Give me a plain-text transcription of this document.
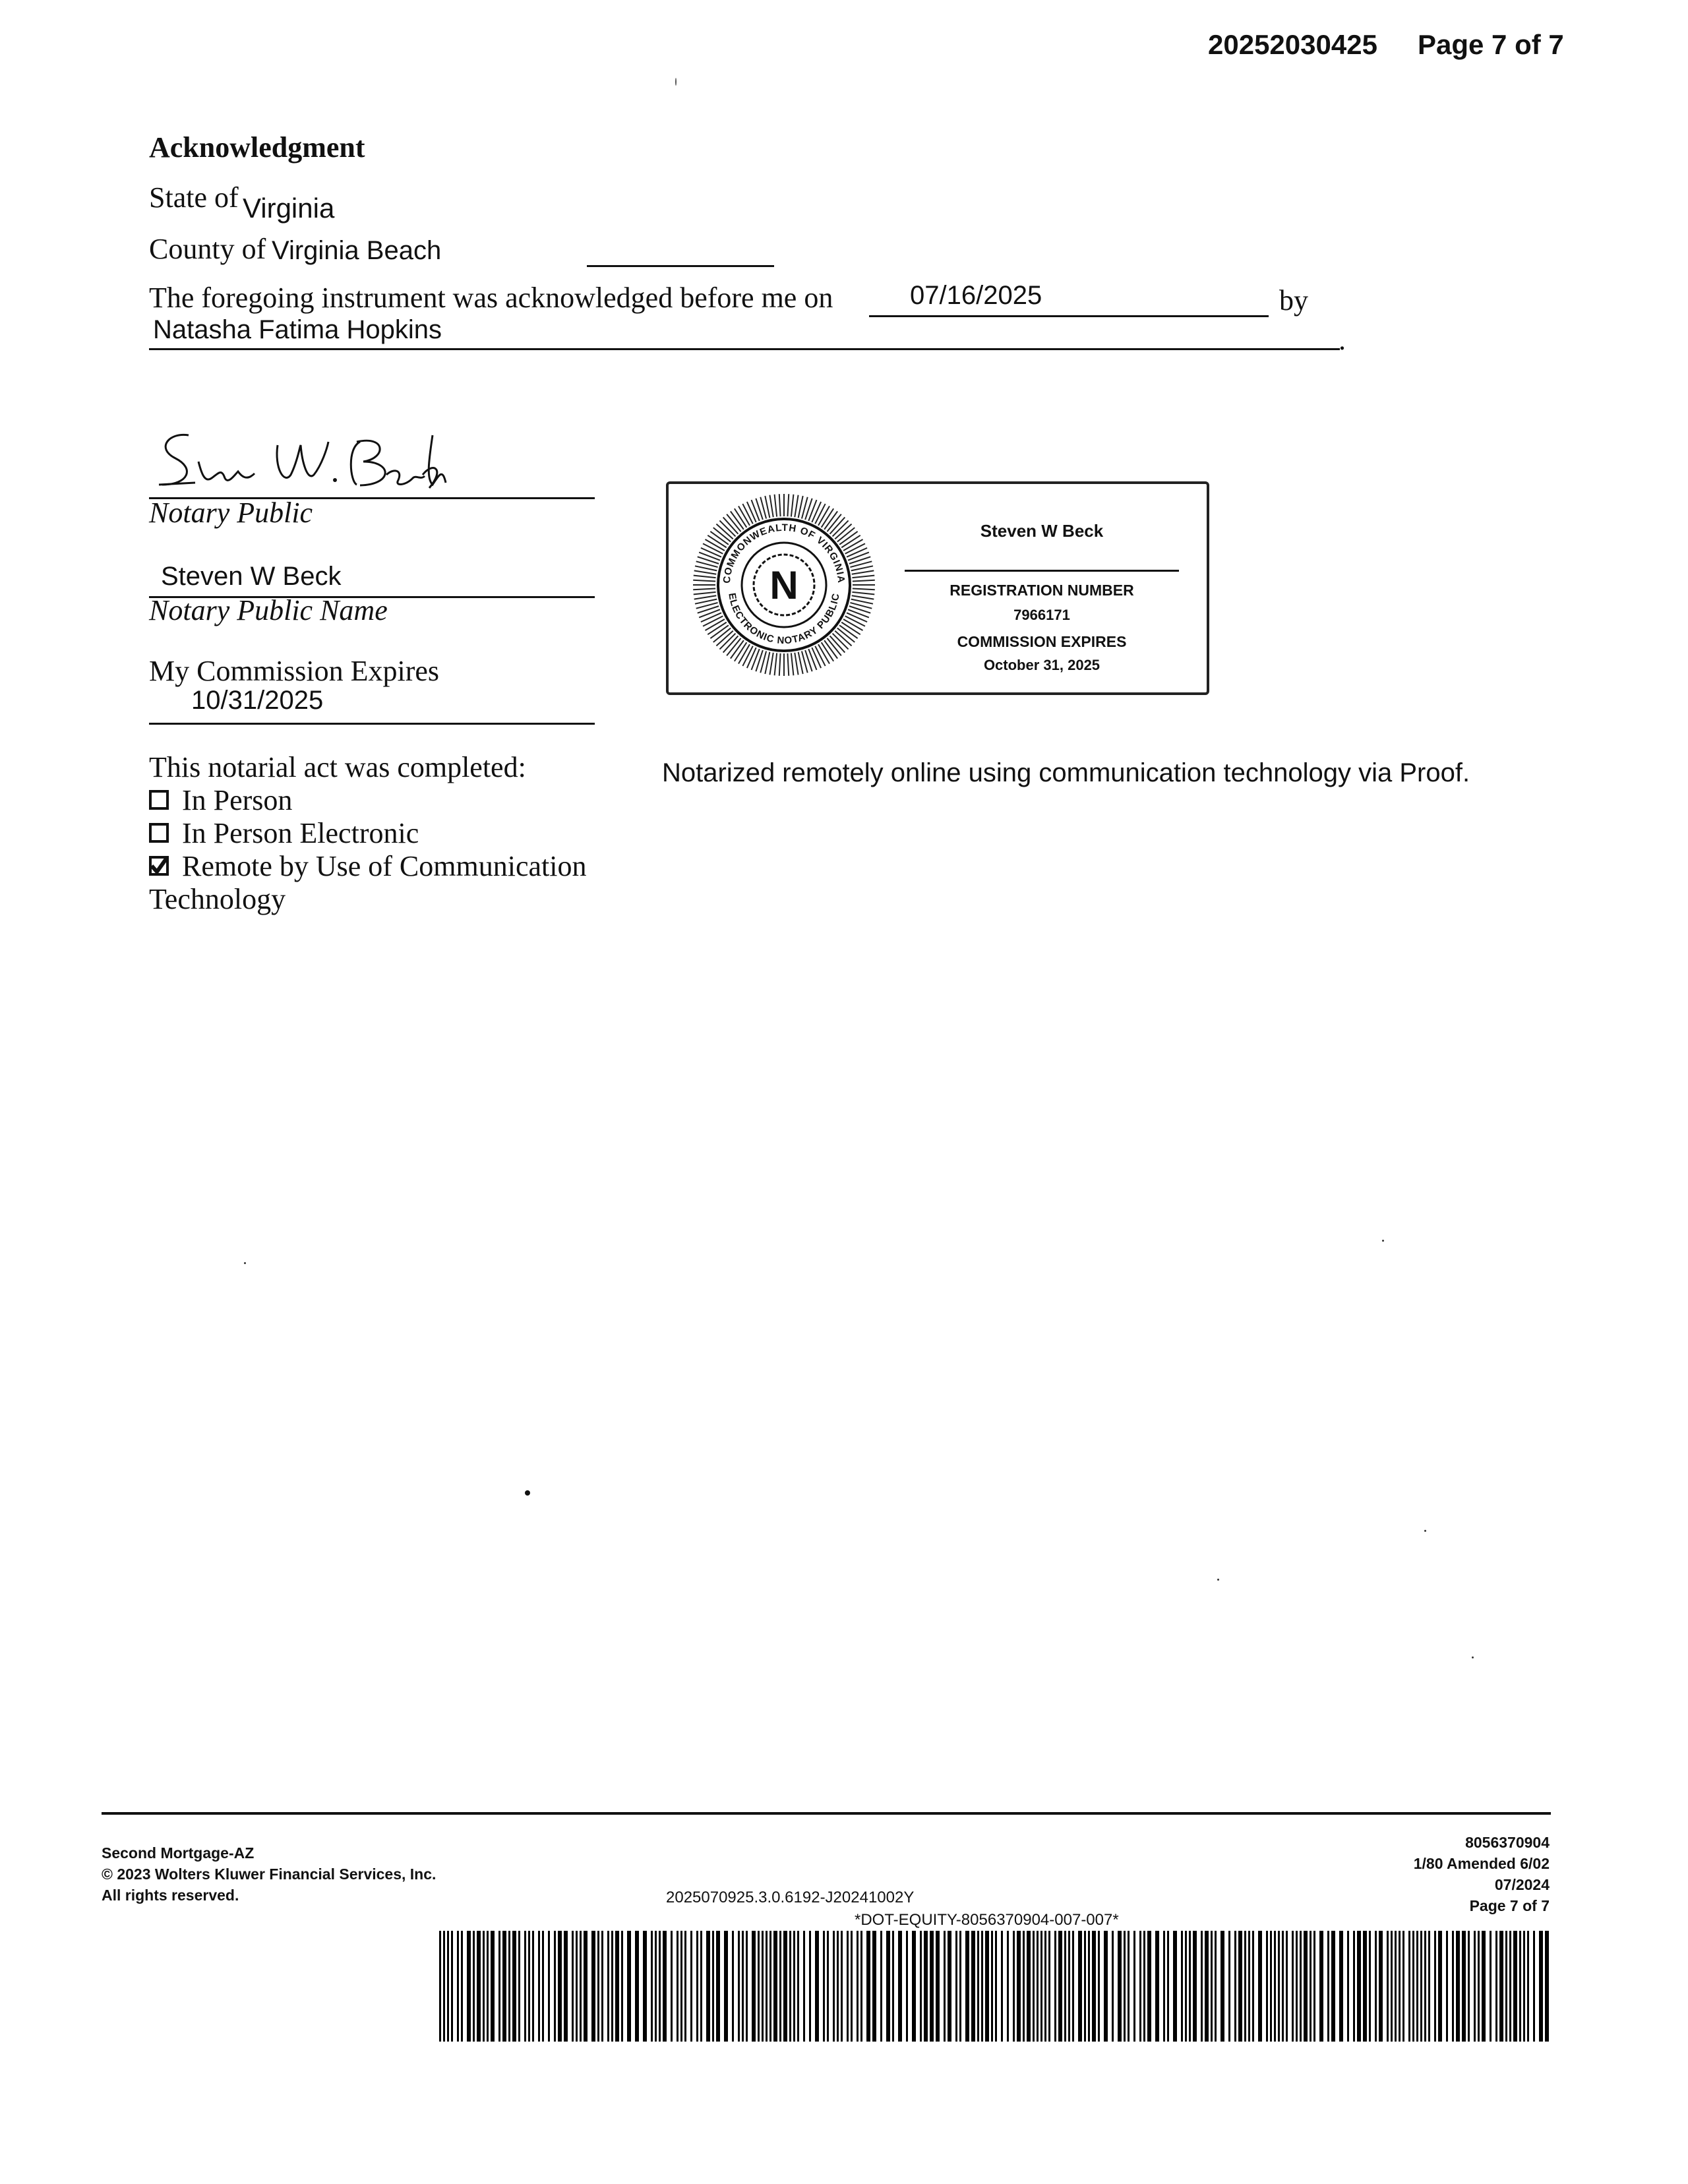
20252030425 Page 7 of 7
Acknowledgment
State of Virginia
County of Virginia Beach
The foregoing instrument was acknowledged before me on	07/16/2025	by
Natasha Fatima Hopkins	.
Notary Public
Steven W Beck
Notary Public Name
My Commission Expires
10/31/2025
N
COMMONWEALTH OF VIRGINIA
ELECTRONIC NOTARY PUBLIC
Steven W Beck
REGISTRATION NUMBER
7966171
COMMISSION EXPIRES
October 31, 2025
This notarial act was completed:	Notarized remotely online using communication technology via Proof.
In Person
In Person Electronic
Remote by Use of Communication
Technology
Second Mortgage-AZ
© 2023 Wolters Kluwer Financial Services, Inc.
All rights reserved.	2025070925.3.0.6192-J20241002Y
8056370904
1/80 Amended 6/02
07/2024
Page 7 of 7
*DOT-EQUITY-8056370904-007-007*
